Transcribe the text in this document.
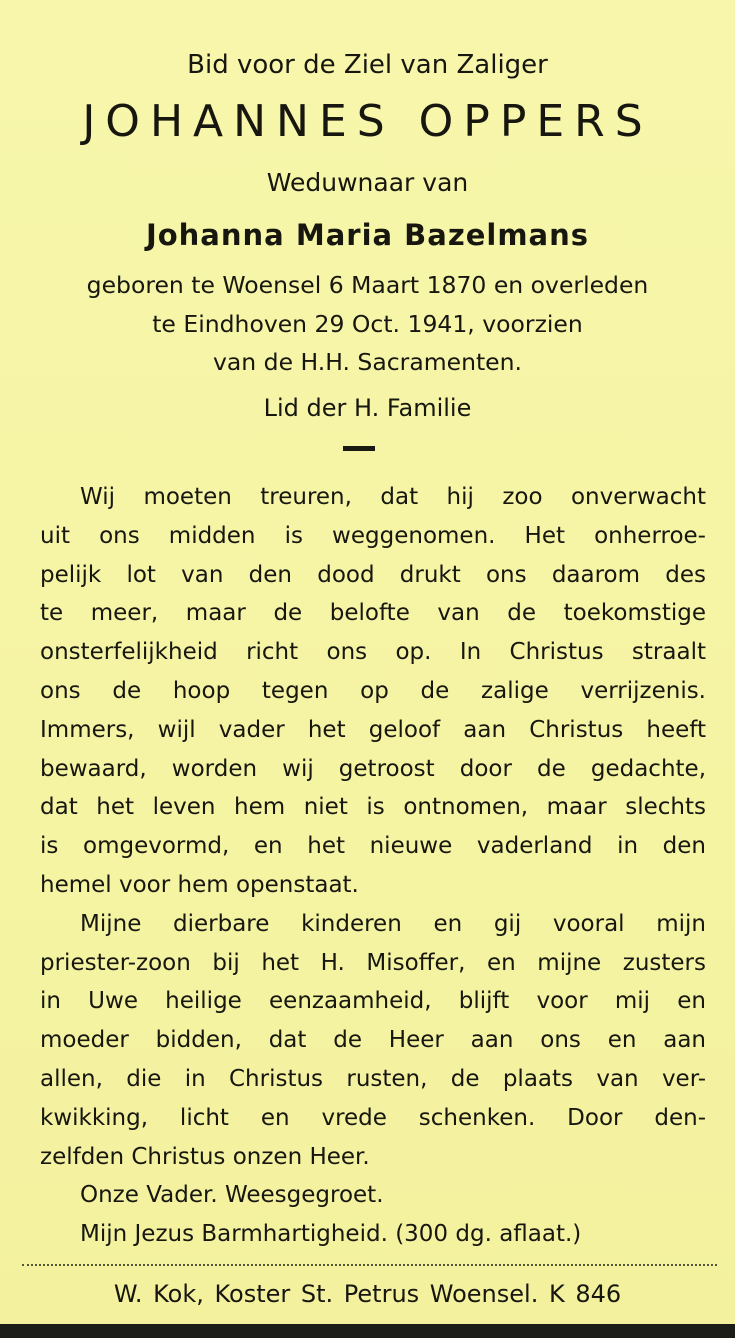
Bid voor de Ziel van Zaliger

JOHANNES OPPERS

Weduwnaar van

Johanna Maria Bazelmans

geboren te Woensel 6 Maart 1870 en overleden
te Eindhoven 29 Oct. 1941, voorzien
van de H.H. Sacramenten.

Lid der H. Familie

Wij moeten treuren, dat hij zoo onverwacht
uit ons midden is weggenomen. Het onherroe-
pelijk lot van den dood drukt ons daarom des
te meer, maar de belofte van de toekomstige
onsterfelijkheid richt ons op. In Christus straalt
ons de hoop tegen op de zalige verrijzenis.
Immers, wijl vader het geloof aan Christus heeft
bewaard, worden wij getroost door de gedachte,
dat het leven hem niet is ontnomen, maar slechts
is omgevormd, en het nieuwe vaderland in den
hemel voor hem openstaat.
Mijne dierbare kinderen en gij vooral mijn
priester-zoon bij het H. Misoffer, en mijne zusters
in Uwe heilige eenzaamheid, blijft voor mij en
moeder bidden, dat de Heer aan ons en aan
allen, die in Christus rusten, de plaats van ver-
kwikking, licht en vrede schenken. Door den-
zelfden Christus onzen Heer.
Onze Vader. Weesgegroet.
Mijn Jezus Barmhartigheid. (300 dg. aflaat.)
W. Kok, Koster St. Petrus Woensel. K 846
